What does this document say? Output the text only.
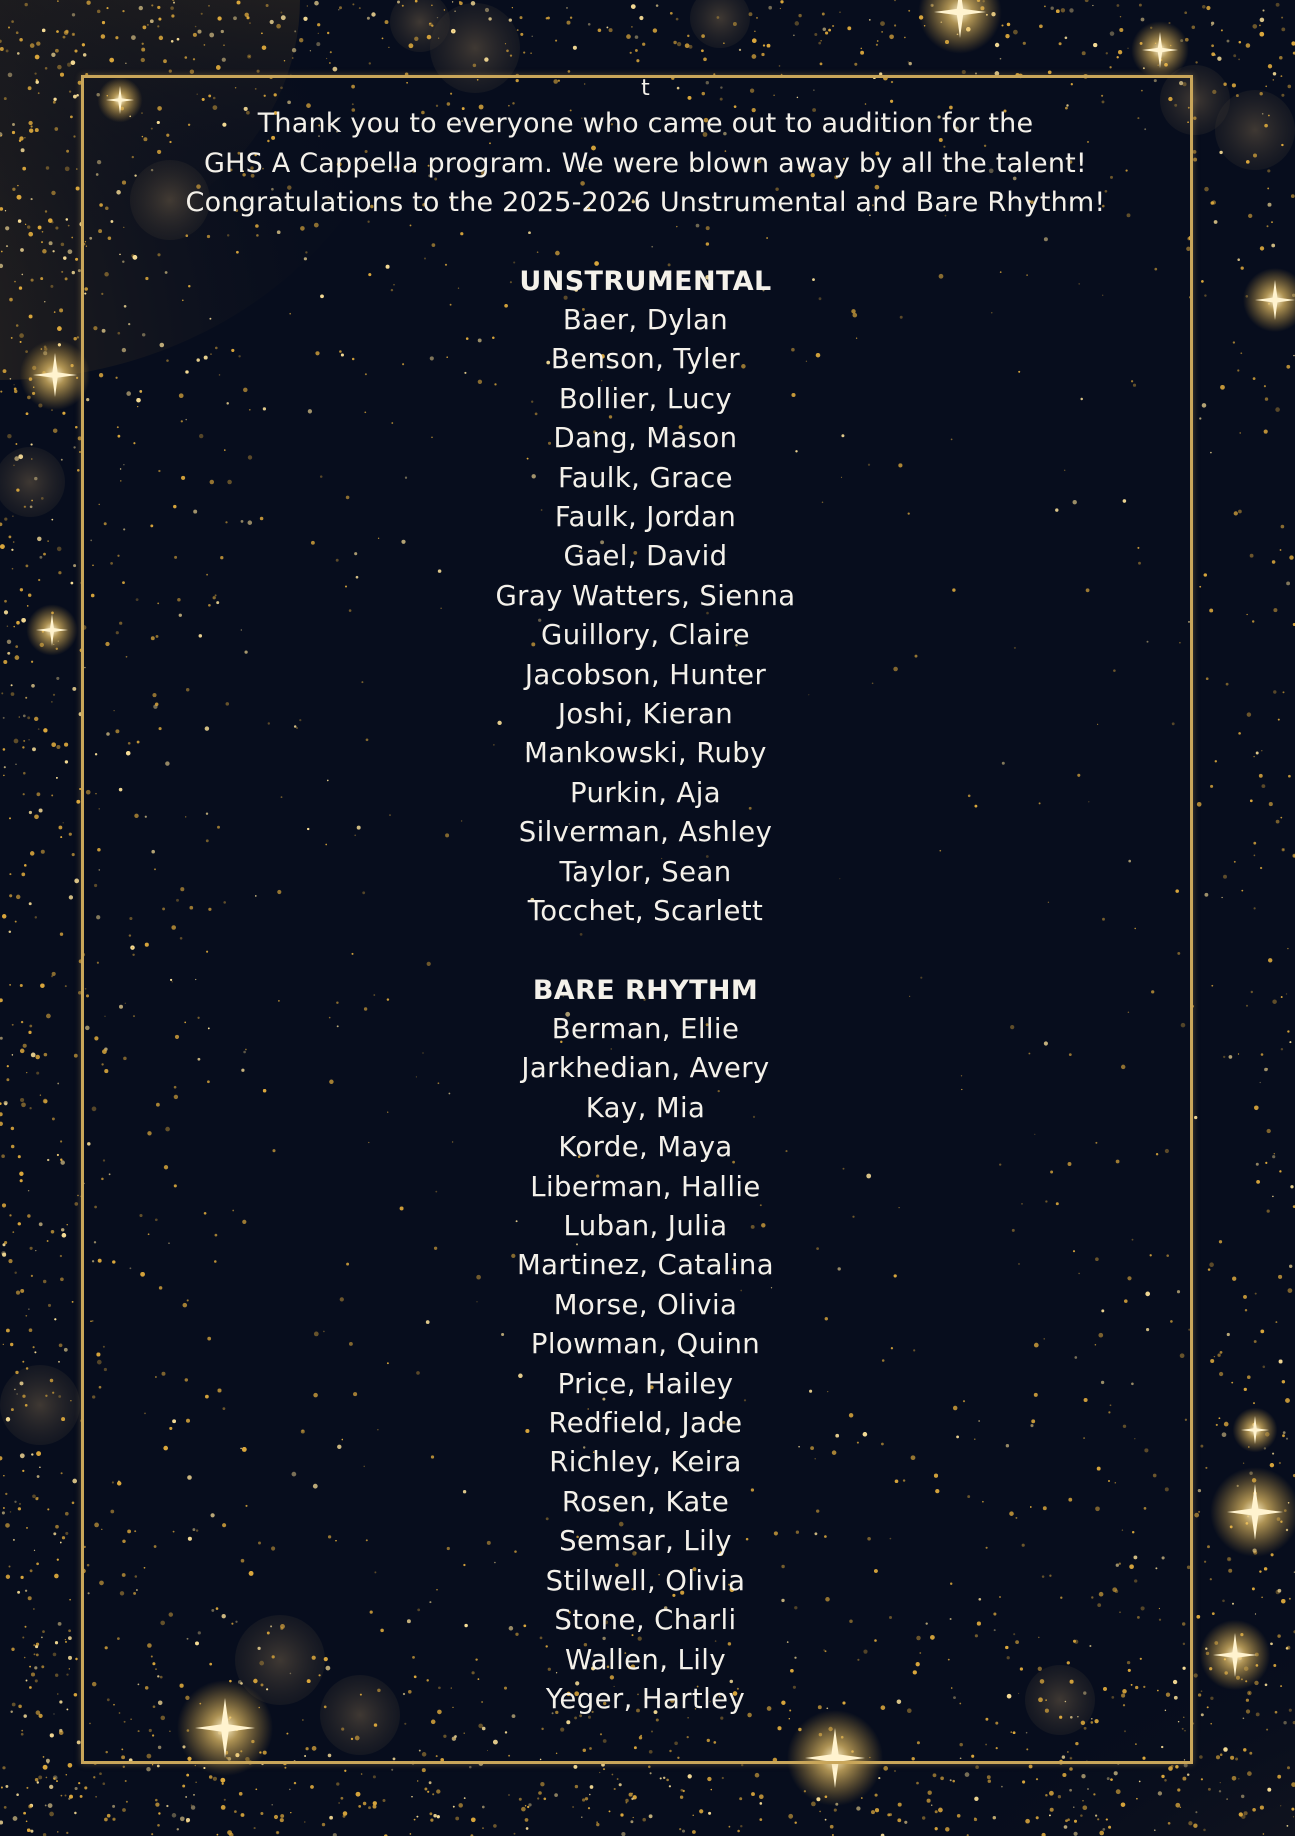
t

Thank you to everyone who came out to audition for the

GHS A Cappella program. We were blown away by all the talent!

Congratulations to the 2025-2026 Unstrumental and Bare Rhythm!

UNSTRUMENTAL
Baer, Dylan
Benson, Tyler
Bollier, Lucy
Dang, Mason
Faulk, Grace
Faulk, Jordan
Gael, David
Gray Watters, Sienna
Guillory, Claire
Jacobson, Hunter
Joshi, Kieran
Mankowski, Ruby
Purkin, Aja
Silverman, Ashley
Taylor, Sean
Tocchet, Scarlett
BARE RHYTHM
Berman, Ellie
Jarkhedian, Avery
Kay, Mia
Korde, Maya
Liberman, Hallie
Luban, Julia
Martinez, Catalina
Morse, Olivia
Plowman, Quinn
Price, Hailey
Redfield, Jade
Richley, Keira
Rosen, Kate
Semsar, Lily
Stilwell, Olivia
Stone, Charli
Wallen, Lily
Yeger, Hartley
